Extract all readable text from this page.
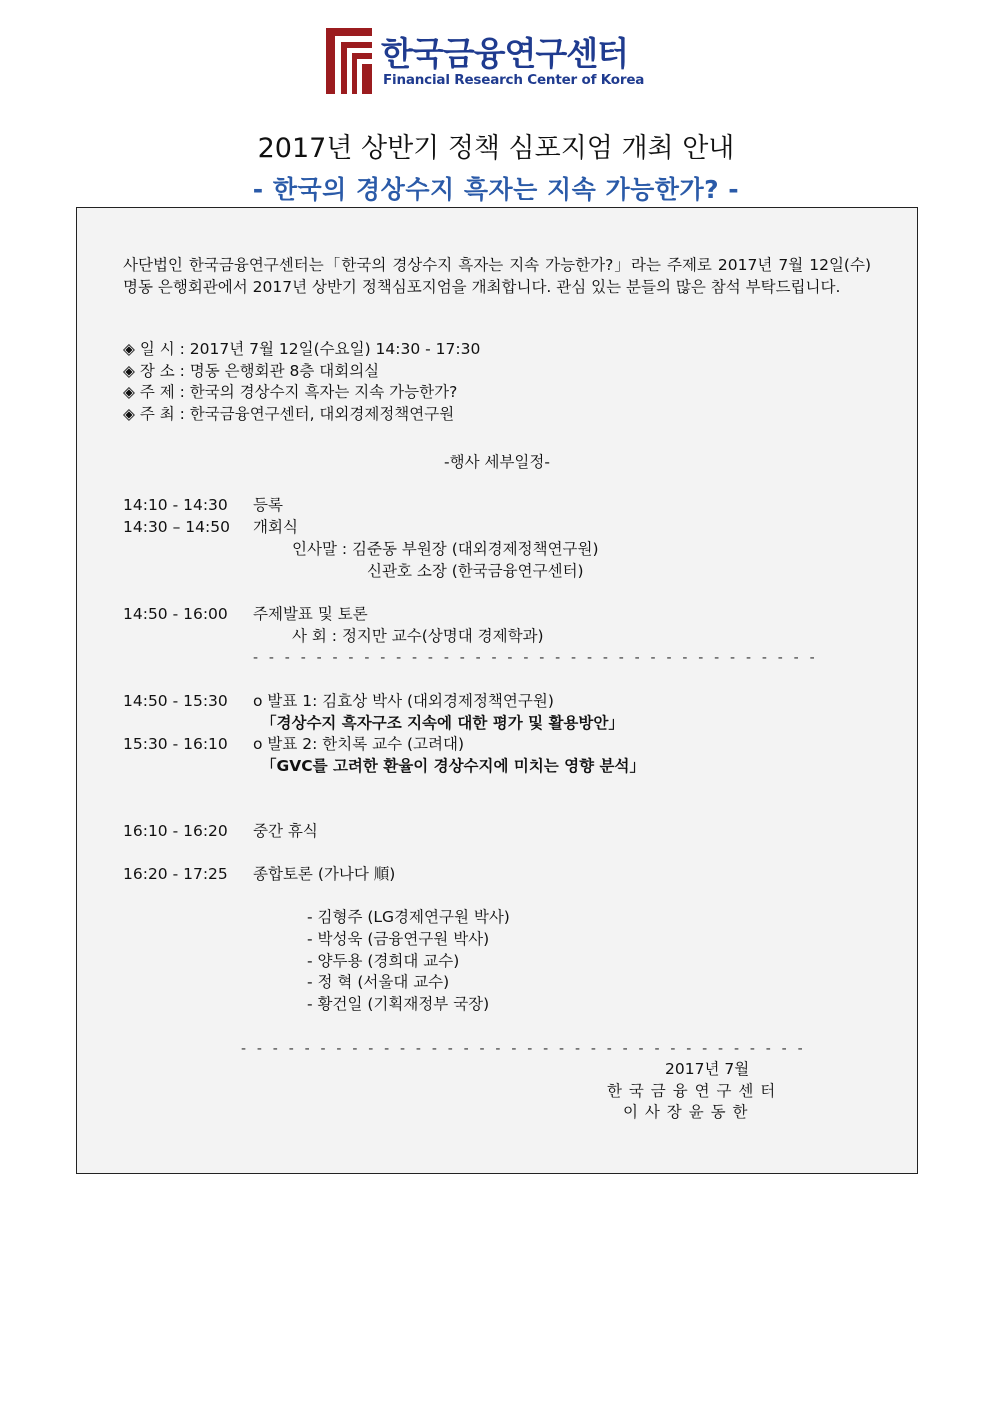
한국금융연구센터
Financial Research Center of Korea
2017년 상반기 정책 심포지엄 개최 안내
- 한국의 경상수지 흑자는 지속 가능한가? -
사단법인 한국금융연구센터는「한국의 경상수지 흑자는 지속 가능한가?」라는 주제로 2017년 7월 12일(수) 명동 은행회관에서 2017년 상반기 정책심포지엄을 개최합니다. 관심 있는 분들의 많은 참석 부탁드립니다.
◈ 일 시 : 2017년 7월 12일(수요일) 14:30 - 17:30
◈ 장 소 : 명동 은행회관 8층 대회의실
◈ 주 제 : 한국의 경상수지 흑자는 지속 가능한가?
◈ 주 최 : 한국금융연구센터, 대외경제정책연구원
-행사 세부일정-
14:10 - 14:30 등록
14:30 – 14:50 개회식
인사말 : 김준동 부원장 (대외경제정책연구원)
신관호 소장 (한국금융연구센터)
14:50 - 16:00 주제발표 및 토론
사 회 : 정지만 교수(상명대 경제학과)
- - - - - - - - - - - - - - - - - - - - - - - - - - - - - - - - - - - -
14:50 - 15:30 o 발표 1: 김효상 박사 (대외경제정책연구원)
「경상수지 흑자구조 지속에 대한 평가 및 활용방안」
15:30 - 16:10 o 발표 2: 한치록 교수 (고려대)
「GVC를 고려한 환율이 경상수지에 미치는 영향 분석」
16:10 - 16:20 중간 휴식
16:20 - 17:25 종합토론 (가나다 順)
- 김형주 (LG경제연구원 박사)
- 박성욱 (금융연구원 박사)
- 양두용 (경희대 교수)
- 정 혁 (서울대 교수)
- 황건일 (기획재정부 국장)
- - - - - - - - - - - - - - - - - - - - - - - - - - - - - - - - - - - -
2017년 7월
한 국 금 융 연 구 센 터
이 사 장 윤 동 한
